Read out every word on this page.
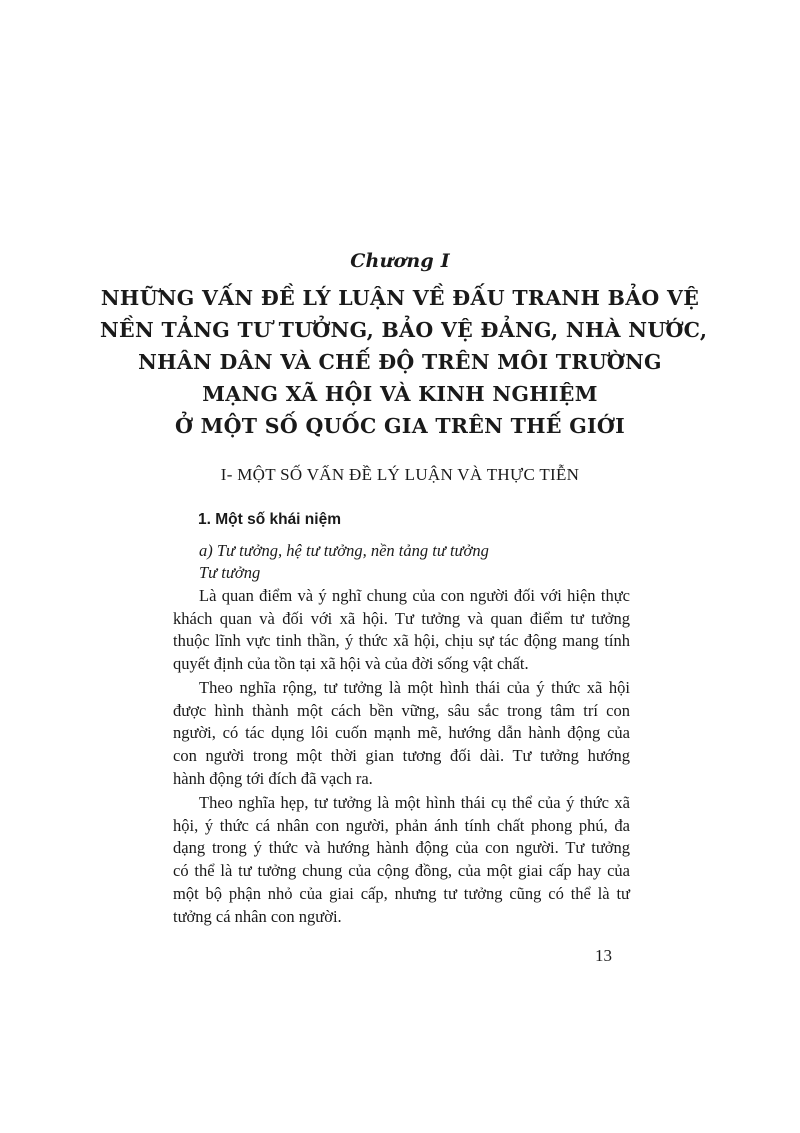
Chương I
NHỮNG VẤN ĐỀ LÝ LUẬN VỀ ĐẤU TRANH BẢO VỆ
NỀN TẢNG TƯ TƯỞNG, BẢO VỆ ĐẢNG, NHÀ NƯỚC,
NHÂN DÂN VÀ CHẾ ĐỘ TRÊN MÔI TRƯỜNG
MẠNG XÃ HỘI VÀ KINH NGHIỆM
Ở MỘT SỐ QUỐC GIA TRÊN THẾ GIỚI
I- MỘT SỐ VẤN ĐỀ LÝ LUẬN VÀ THỰC TIỄN
1. Một số khái niệm
a) Tư tưởng, hệ tư tưởng, nền tảng tư tưởng
Tư tưởng
Là quan điểm và ý nghĩ chung của con người đối với hiện thực
khách quan và đối với xã hội. Tư tưởng và quan điểm tư tưởng
thuộc lĩnh vực tinh thần, ý thức xã hội, chịu sự tác động mang tính
quyết định của tồn tại xã hội và của đời sống vật chất.
Theo nghĩa rộng, tư tưởng là một hình thái của ý thức xã hội
được hình thành một cách bền vững, sâu sắc trong tâm trí con
người, có tác dụng lôi cuốn mạnh mẽ, hướng dẫn hành động của
con người trong một thời gian tương đối dài. Tư tưởng hướng
hành động tới đích đã vạch ra.
Theo nghĩa hẹp, tư tưởng là một hình thái cụ thể của ý thức xã
hội, ý thức cá nhân con người, phản ánh tính chất phong phú, đa
dạng trong ý thức và hướng hành động của con người. Tư tưởng
có thể là tư tưởng chung của cộng đồng, của một giai cấp hay của
một bộ phận nhỏ của giai cấp, nhưng tư tưởng cũng có thể là tư
tưởng cá nhân con người.
13
